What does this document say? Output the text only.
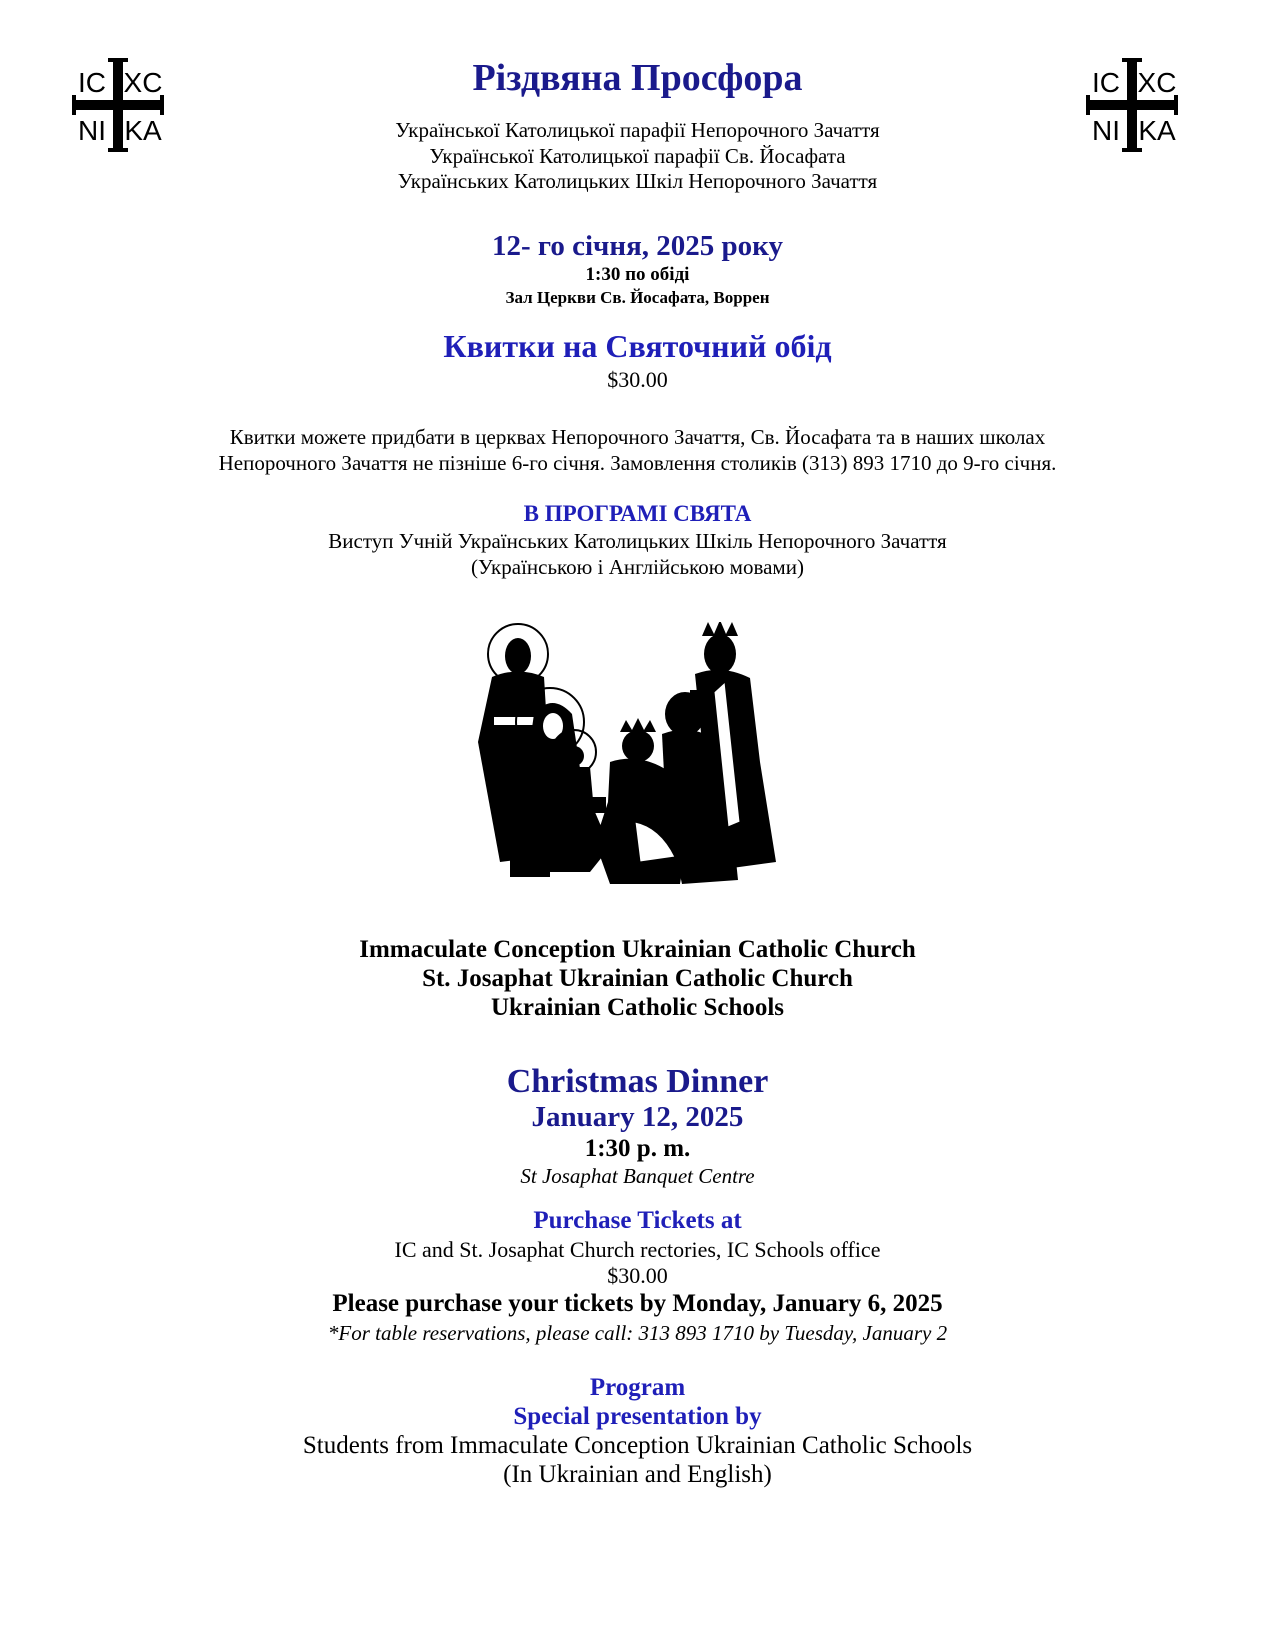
IC XC
NI KA
IC XC
NI KA
Різдвяна Просфора
Української Католицької парафії Непорочного Зачаття
Української Католицької парафії Св. Йосафата
Українських Католицьких Шкіл Непорочного Зачаття
12- го січня, 2025 року
1:30 по обіді
Зал Церкви Св. Йосафата, Воррен
Квитки на Святочний обід
$30.00
Квитки можете придбати в церквах Непорочного Зачаття, Св. Йосафата та в наших школах
Непорочного Зачаття не пізніше 6-го січня. Замовлення столиків (313) 893 1710 до 9-го січня.
В ПРОГРАМІ СВЯТА
Виступ Учній Українських Католицьких Шкіль Непорочного Зачаття
(Українською і Англійською мовами)
Immaculate Conception Ukrainian Catholic Church
St. Josaphat Ukrainian Catholic Church
Ukrainian Catholic Schools
Christmas Dinner
January 12, 2025
1:30 p. m.
St Josaphat Banquet Centre
Purchase Tickets at
IC and St. Josaphat Church rectories, IC Schools office
$30.00
Please purchase your tickets by Monday, January 6, 2025
*For table reservations, please call: 313 893 1710 by Tuesday, January 2
Program
Special presentation by
Students from Immaculate Conception Ukrainian Catholic Schools
(In Ukrainian and English)
